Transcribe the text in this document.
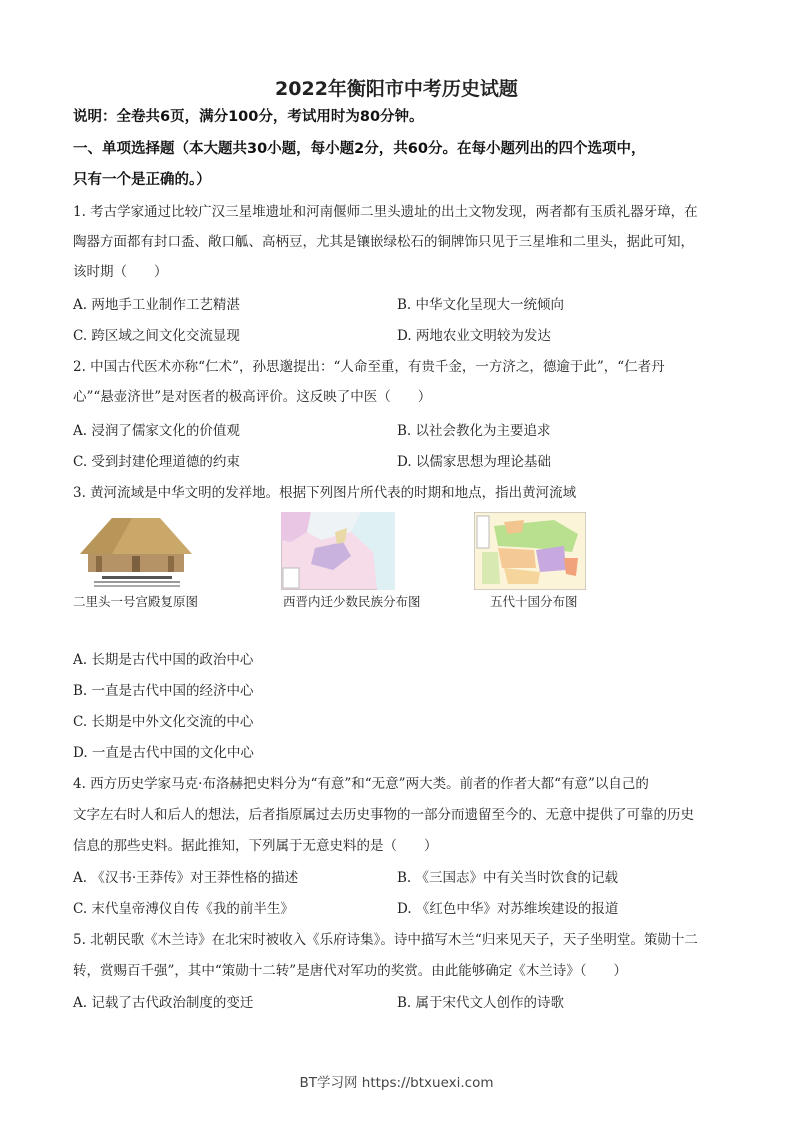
2022年衡阳市中考历史试题
说明：全卷共6页，满分100分，考试用时为80分钟。
一、单项选择题（本大题共30小题，每小题2分，共60分。在每小题列出的四个选项中，
只有一个是正确的。）
1. 考古学家通过比较广汉三星堆遗址和河南偃师二里头遗址的出土文物发现，两者都有玉质礼器牙璋，在
陶器方面都有封口盉、敞口觚、高柄豆，尤其是镶嵌绿松石的铜牌饰只见于三星堆和二里头，据此可知，
该时期（　　）
A. 两地手工业制作工艺精湛	B. 中华文化呈现大一统倾向
C. 跨区域之间文化交流显现	D. 两地农业文明较为发达
2. 中国古代医术亦称“仁术”，孙思邈提出：“人命至重，有贵千金，一方济之，德逾于此”，“仁者丹
心”“悬壶济世”是对医者的极高评价。这反映了中医（　　）
A. 浸润了儒家文化的价值观	B. 以社会教化为主要追求
C. 受到封建伦理道德的约束	D. 以儒家思想为理论基础
3. 黄河流域是中华文明的发祥地。根据下列图片所代表的时期和地点，指出黄河流域
二里头一号宫殿复原图	西晋内迁少数民族分布图	五代十国分布图
A. 长期是古代中国的政治中心
B. 一直是古代中国的经济中心
C. 长期是中外文化交流的中心
D. 一直是古代中国的文化中心
4. 西方历史学家马克·布洛赫把史料分为“有意”和“无意”两大类。前者的作者大都“有意”以自己的
文字左右时人和后人的想法，后者指原属过去历史事物的一部分而遗留至今的、无意中提供了可靠的历史
信息的那些史料。据此推知，下列属于无意史料的是（　　）
A. 《汉书·王莽传》对王莽性格的描述	B. 《三国志》中有关当时饮食的记载
C. 末代皇帝溥仪自传《我的前半生》	D. 《红色中华》对苏维埃建设的报道
5. 北朝民歌《木兰诗》在北宋时被收入《乐府诗集》。诗中描写木兰“归来见天子，天子坐明堂。策勋十二
转，赏赐百千强”，其中“策勋十二转”是唐代对军功的奖赏。由此能够确定《木兰诗》（　　）
A. 记载了古代政治制度的变迁	B. 属于宋代文人创作的诗歌
BT学习网 https://btxuexi.com
